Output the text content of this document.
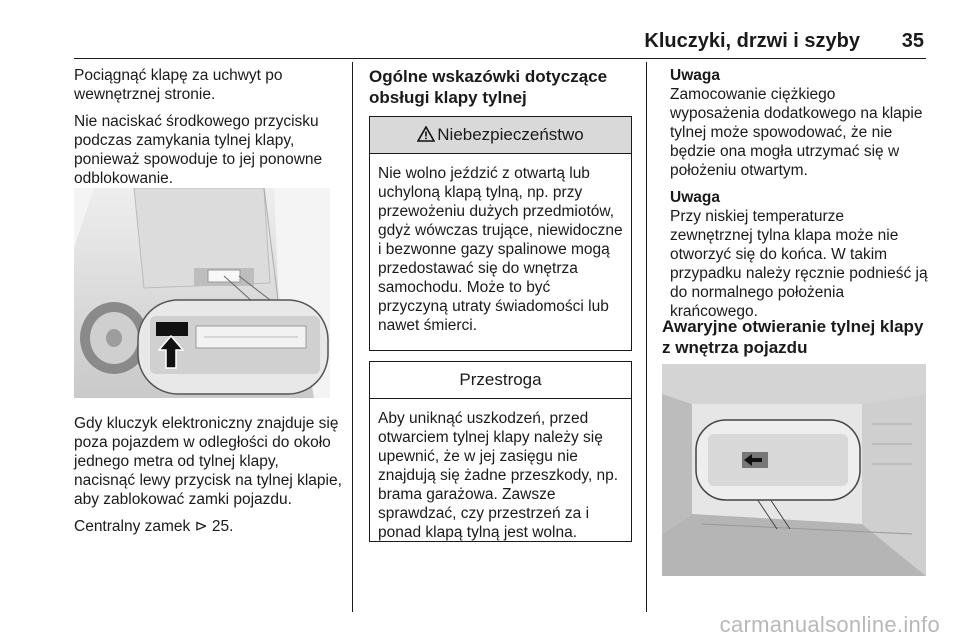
Kluczyki, drzwi i szyby	35

Pociągnąć klapę za uchwyt po wewnętrznej stronie.

Nie naciskać środkowego przycisku podczas zamykania tylnej klapy, ponieważ spowoduje to jej ponowne odblokowanie.

Gdy kluczyk elektroniczny znajduje się poza pojazdem w odległości do około jednego metra od tylnej klapy, nacisnąć lewy przycisk na tylnej klapie, aby zablokować zamki pojazdu.

Centralny zamek ⊳ 25.

Ogólne wskazówki dotyczące obsługi klapy tylnej
Niebezpieczeństwo
Nie wolno jeździć z otwartą lub uchyloną klapą tylną, np. przy przewożeniu dużych przedmiotów, gdyż wówczas trujące, niewidoczne i bezwonne gazy spalinowe mogą przedostawać się do wnętrza samochodu. Może to być przyczyną utraty świadomości lub nawet śmierci.
Przestroga
Aby uniknąć uszkodzeń, przed otwarciem tylnej klapy należy się upewnić, że w jej zasięgu nie znajdują się żadne przeszkody, np. brama garażowa. Zawsze sprawdzać, czy przestrzeń za i ponad klapą tylną jest wolna.
Uwaga

Zamocowanie ciężkiego wyposażenia dodatkowego na klapie tylnej może spowodować, że nie będzie ona mogła utrzymać się w położeniu otwartym.

Uwaga

Przy niskiej temperaturze zewnętrznej tylna klapa może nie otworzyć się do końca. W takim przypadku należy ręcznie podnieść ją do normalnego położenia krańcowego.

Awaryjne otwieranie tylnej klapy z wnętrza pojazdu
carmanualsonline.info
